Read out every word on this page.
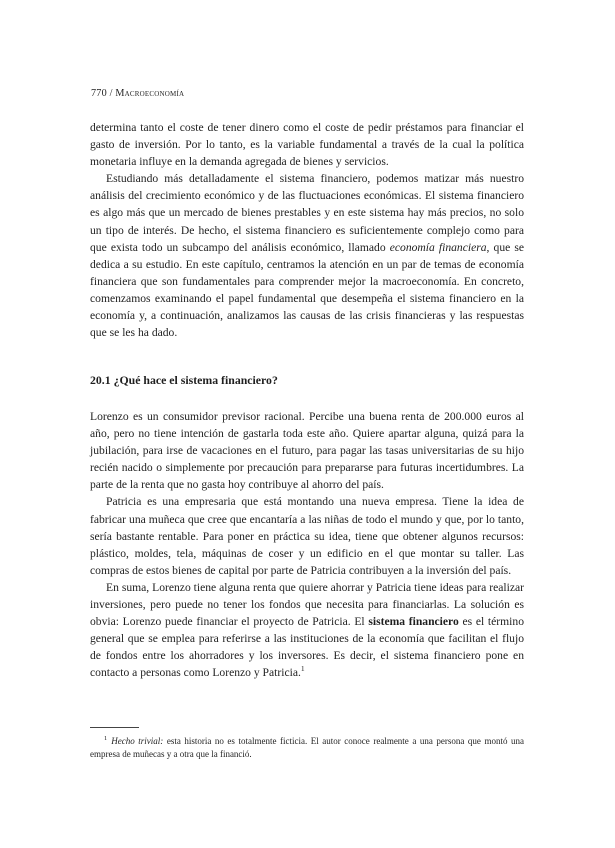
770 / Macroeconomía

determina tanto el coste de tener dinero como el coste de pedir préstamos para financiar el gasto de inversión. Por lo tanto, es la variable fundamental a través de la cual la política monetaria influye en la demanda agregada de bienes y servicios.

Estudiando más detalladamente el sistema financiero, podemos matizar más nuestro análisis del crecimiento económico y de las fluctuaciones económicas. El sistema financiero es algo más que un mercado de bienes prestables y en este sistema hay más precios, no solo un tipo de interés. De hecho, el sistema financiero es suficientemente complejo como para que exista todo un subcampo del análisis económico, llamado economía financiera, que se dedica a su estudio. En este capítulo, centramos la atención en un par de temas de economía financiera que son fundamentales para comprender mejor la macroeconomía. En concreto, comenzamos examinando el papel fundamental que desempeña el sistema financiero en la economía y, a continuación, analizamos las causas de las crisis financieras y las respuestas que se les ha dado.

20.1 ¿Qué hace el sistema financiero?

Lorenzo es un consumidor previsor racional. Percibe una buena renta de 200.000 euros al año, pero no tiene intención de gastarla toda este año. Quiere apartar alguna, quizá para la jubilación, para irse de vacaciones en el futuro, para pagar las tasas universitarias de su hijo recién nacido o simplemente por precaución para prepararse para futuras incertidumbres. La parte de la renta que no gasta hoy contribuye al ahorro del país.

Patricia es una empresaria que está montando una nueva empresa. Tiene la idea de fabricar una muñeca que cree que encantaría a las niñas de todo el mundo y que, por lo tanto, sería bastante rentable. Para poner en práctica su idea, tiene que obtener algunos recursos: plástico, moldes, tela, máquinas de coser y un edificio en el que montar su taller. Las compras de estos bienes de capital por parte de Patricia contribuyen a la inversión del país.

En suma, Lorenzo tiene alguna renta que quiere ahorrar y Patricia tiene ideas para realizar inversiones, pero puede no tener los fondos que necesita para financiarlas. La solución es obvia: Lorenzo puede financiar el proyecto de Patricia. El sistema financiero es el término general que se emplea para referirse a las instituciones de la economía que facilitan el flujo de fondos entre los ahorradores y los inversores. Es decir, el sistema financiero pone en contacto a personas como Lorenzo y Patricia.$^1$

$^1$ Hecho trivial: esta historia no es totalmente ficticia. El autor conoce realmente a una persona que montó una empresa de muñecas y a otra que la financió.
